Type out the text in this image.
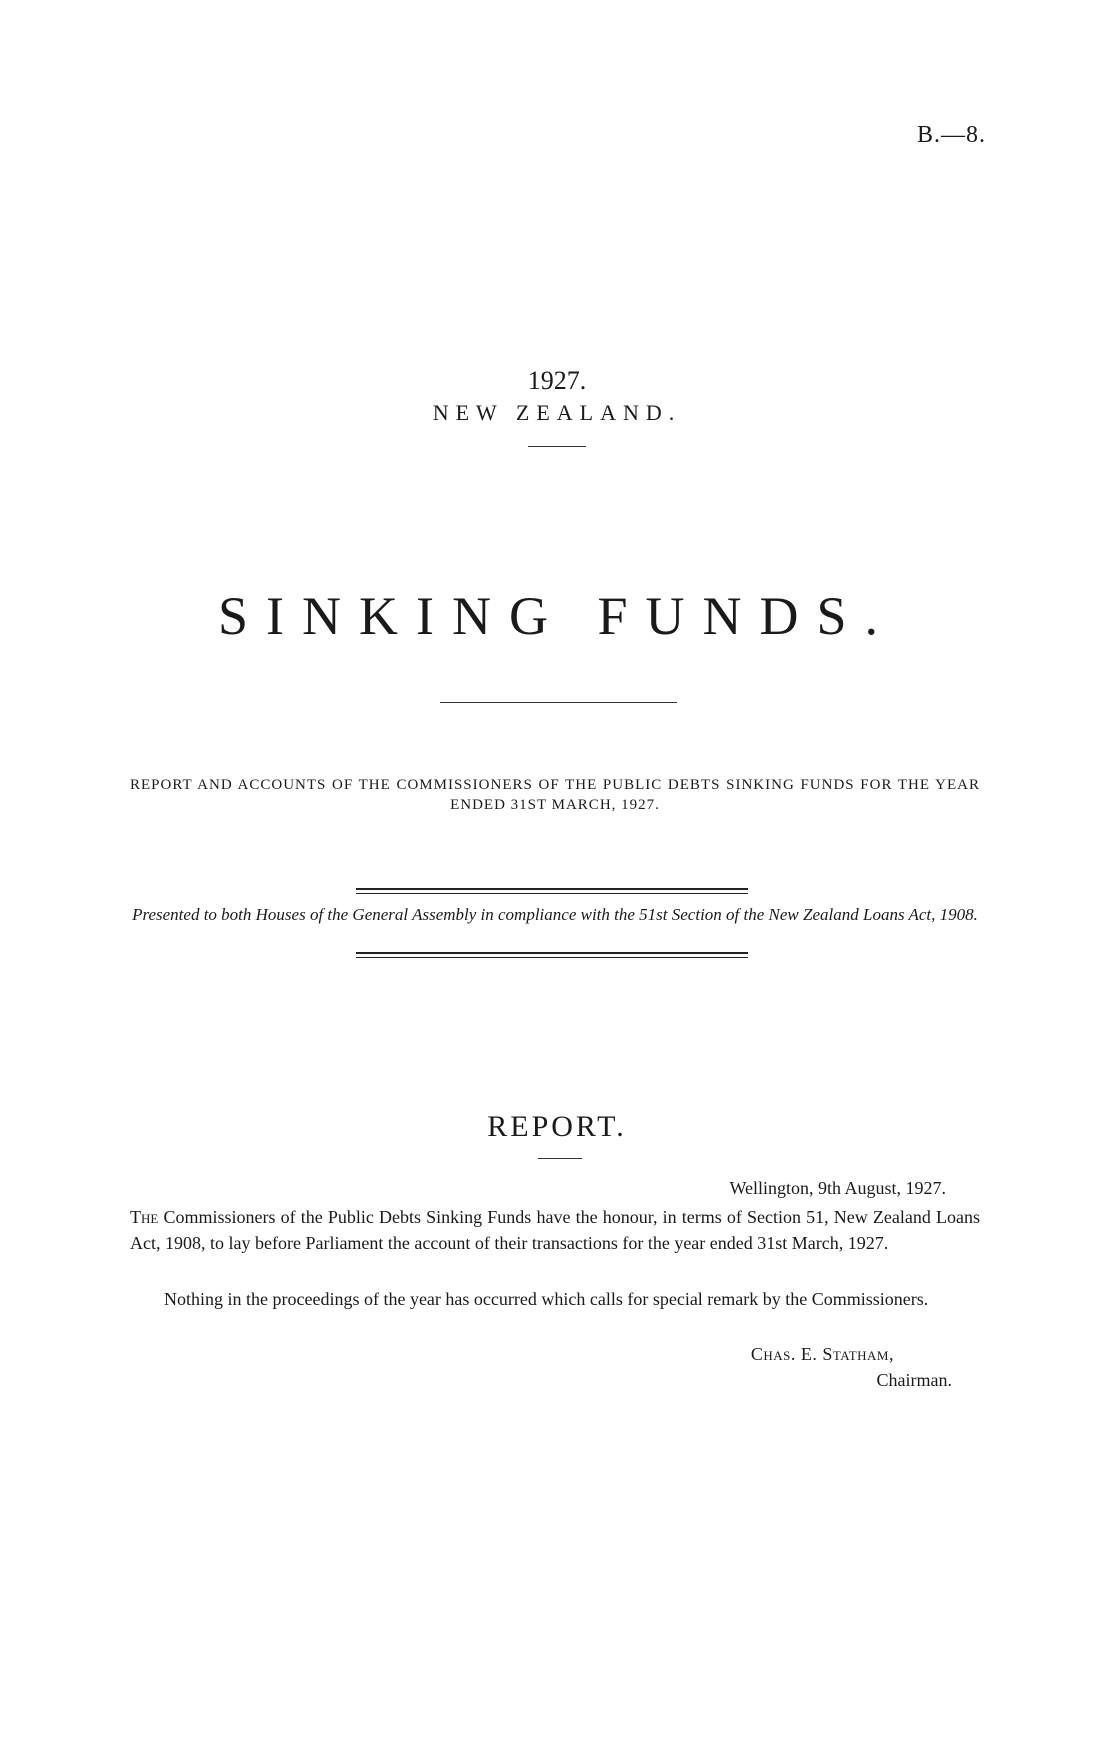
B.—8.
1927.
NEW ZEALAND.
SINKING FUNDS.
REPORT AND ACCOUNTS OF THE COMMISSIONERS OF THE PUBLIC DEBTS SINKING FUNDS FOR THE YEAR ENDED 31ST MARCH, 1927.
Presented to both Houses of the General Assembly in compliance with the 51st Section of the New Zealand Loans Act, 1908.
REPORT.
Wellington, 9th August, 1927.
The Commissioners of the Public Debts Sinking Funds have the honour, in terms of Section 51, New Zealand Loans Act, 1908, to lay before Parliament the account of their transactions for the year ended 31st March, 1927.
Nothing in the proceedings of the year has occurred which calls for special remark by the Commissioners.
Chas. E. Statham,
Chairman.
